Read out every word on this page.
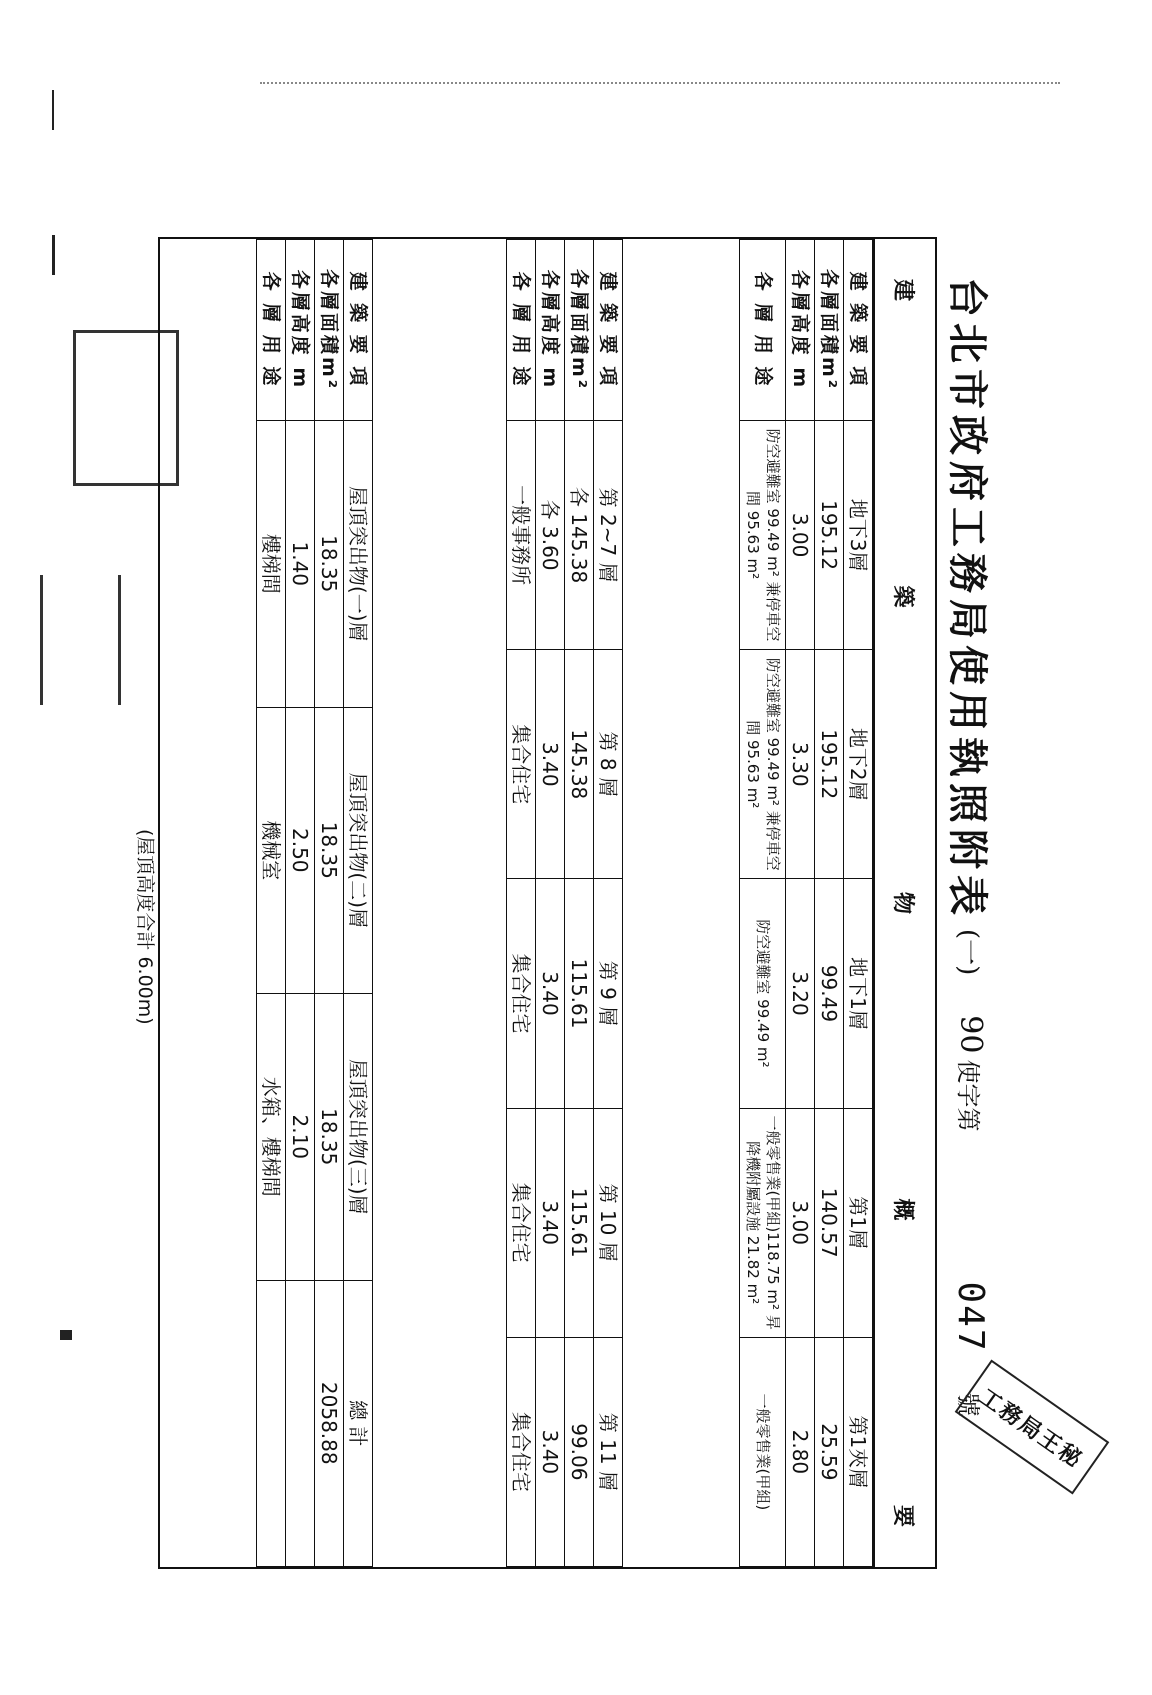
台北市政府工務局使用執照附表
(一)
90
使字第
047
號
建
築
物
概
要
建 築 要 項	地下3層	地下2層	地下1層	第1層	第1夾層
各層面積m²	195.12	195.12	99.49	140.57	25.59
各層高度 m	3.00	3.30	3.20	3.00	2.80
各 層 用 途	防空避難室 99.49 m² 兼停車空間 95.63 m²	防空避難室 99.49 m² 兼停車空間 95.63 m²	防空避難室 99.49 m²	一般零售業(甲組)118.75 m² 昇降機附屬設施 21.82 m²	一般零售業(甲組)
建 築 要 項	第 2~7 層	第 8 層	第 9 層	第 10 層	第 11 層
各層面積m²	各 145.38	145.38	115.61	115.61	99.06
各層高度 m	各 3.60	3.40	3.40	3.40	3.40
各 層 用 途	一般事務所	集合住宅	集合住宅	集合住宅	集合住宅
建 築 要 項	屋頂突出物(一)層	屋頂突出物(二)層	屋頂突出物(三)層	總 計
各層面積m²	18.35	18.35	18.35	2058.88
各層高度 m	1.40	2.50	2.10	
各 層 用 途	樓梯間	機械室	水箱、樓梯間	
(屋頂高度合計 6.00m)
工務局王秘
